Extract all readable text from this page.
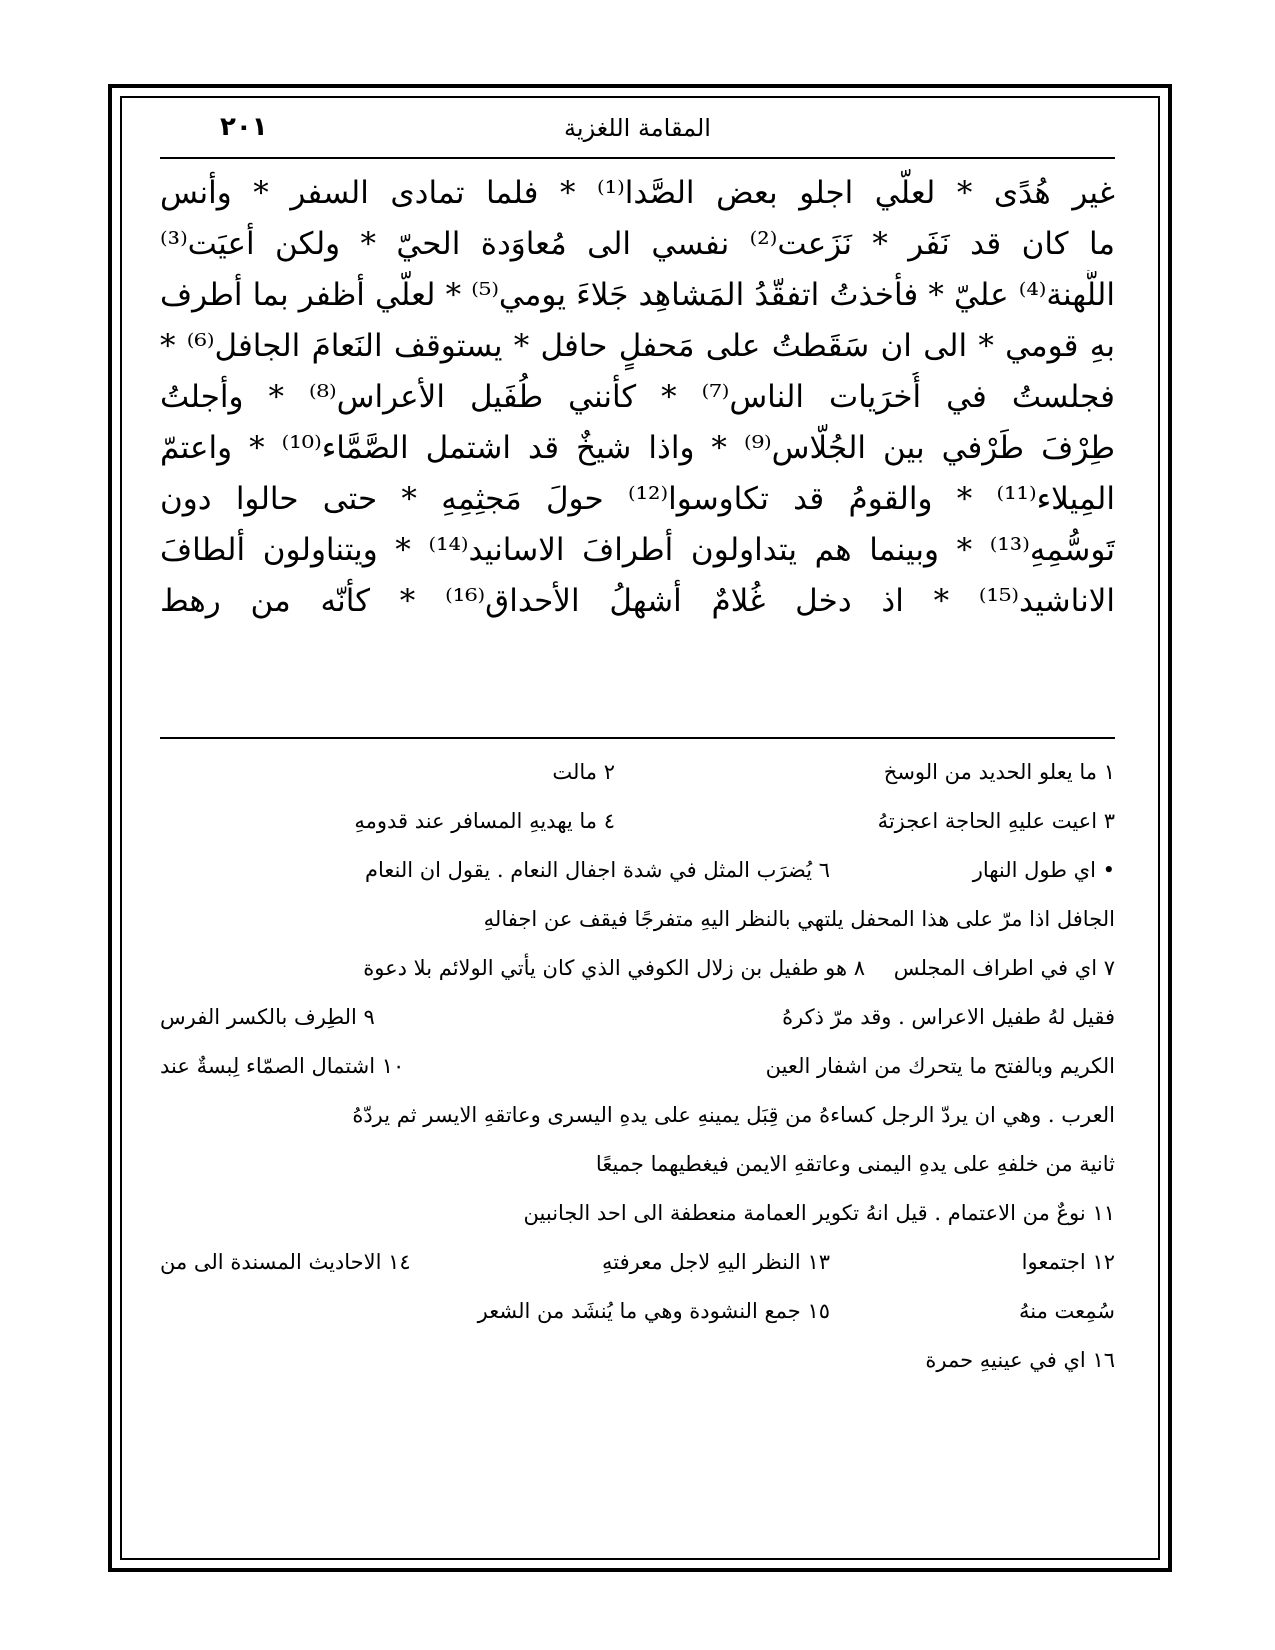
المقامة اللغزية
٢٠١
غير هُدًى * لعلّي اجلو بعض الصَّدا⁽¹⁾ * فلما تمادى السفر * وأنس
ما كان قد نَفَر * نَزَعت⁽²⁾ نفسي الى مُعاوَدة الحيّ * ولكن أعيَت⁽³⁾
اللُّهنة⁽⁴⁾ عليّ * فأخذتُ اتفقّدُ المَشاهِد جَلاءَ يومي⁽⁵⁾ * لعلّي أظفر بما أطرف
بهِ قومي * الى ان سَقَطتُ على مَحفلٍ حافل * يستوقف النَعامَ الجافل⁽⁶⁾ *
فجلستُ في أُخرَيات الناس⁽⁷⁾ * كأنني طُفَيل الأعراس⁽⁸⁾ * وأجلتُ
طِرْفَ طَرْفي بين الجُلّاس⁽⁹⁾ * واذا شيخٌ قد اشتمل الصَّمَّاء⁽¹⁰⁾ * واعتمّ
المِيلاء⁽¹¹⁾ * والقومُ قد تكاوسوا⁽¹²⁾ حولَ مَجثِمِهِ * حتى حالوا دون
تَوسُّمِهِ⁽¹³⁾ * وبينما هم يتداولون أطرافَ الاسانيد⁽¹⁴⁾ * ويتناولون ألطافَ
الاناشيد⁽¹⁵⁾ * اذ دخل غُلامٌ أشهلُ الأحداق⁽¹⁶⁾ * كأنّه من رهط
١ ما يعلو الحديد من الوسخ
٢ مالت
٣ اعيت عليهِ الحاجة اعجزتهُ
٤ ما يهديهِ المسافر عند قدومهِ
• اي طول النهار
٦ يُضرَب المثل في شدة اجفال النعام . يقول ان النعام
الجافل اذا مرّ على هذا المحفل يلتهي بالنظر اليهِ متفرجًا فيقف عن اجفالهِ
٧ اي في اطراف المجلس
٨ هو طفيل بن زلال الكوفي الذي كان يأتي الولائم بلا دعوة
فقيل لهُ طفيل الاعراس . وقد مرّ ذكرهُ
٩ الطِرف بالكسر الفرس
الكريم وبالفتح ما يتحرك من اشفار العين
١٠ اشتمال الصمّاء لِبسةٌ عند
العرب . وهي ان يردّ الرجل كساءهُ من قِبَل يمينهِ على يدهِ اليسرى وعاتقهِ الايسر ثم يردّهُ
ثانية من خلفهِ على يدهِ اليمنى وعاتقهِ الايمن فيغطيهما جميعًا
١١ نوعٌ من الاعتمام . قيل انهُ تكوير العمامة منعطفة الى احد الجانبين
١٢ اجتمعوا
١٣ النظر اليهِ لاجل معرفتهِ
١٤ الاحاديث المسندة الى من
سُمِعت منهُ
١٥ جمع النشودة وهي ما يُنشَد من الشعر
١٦ اي في عينيهِ حمرة
